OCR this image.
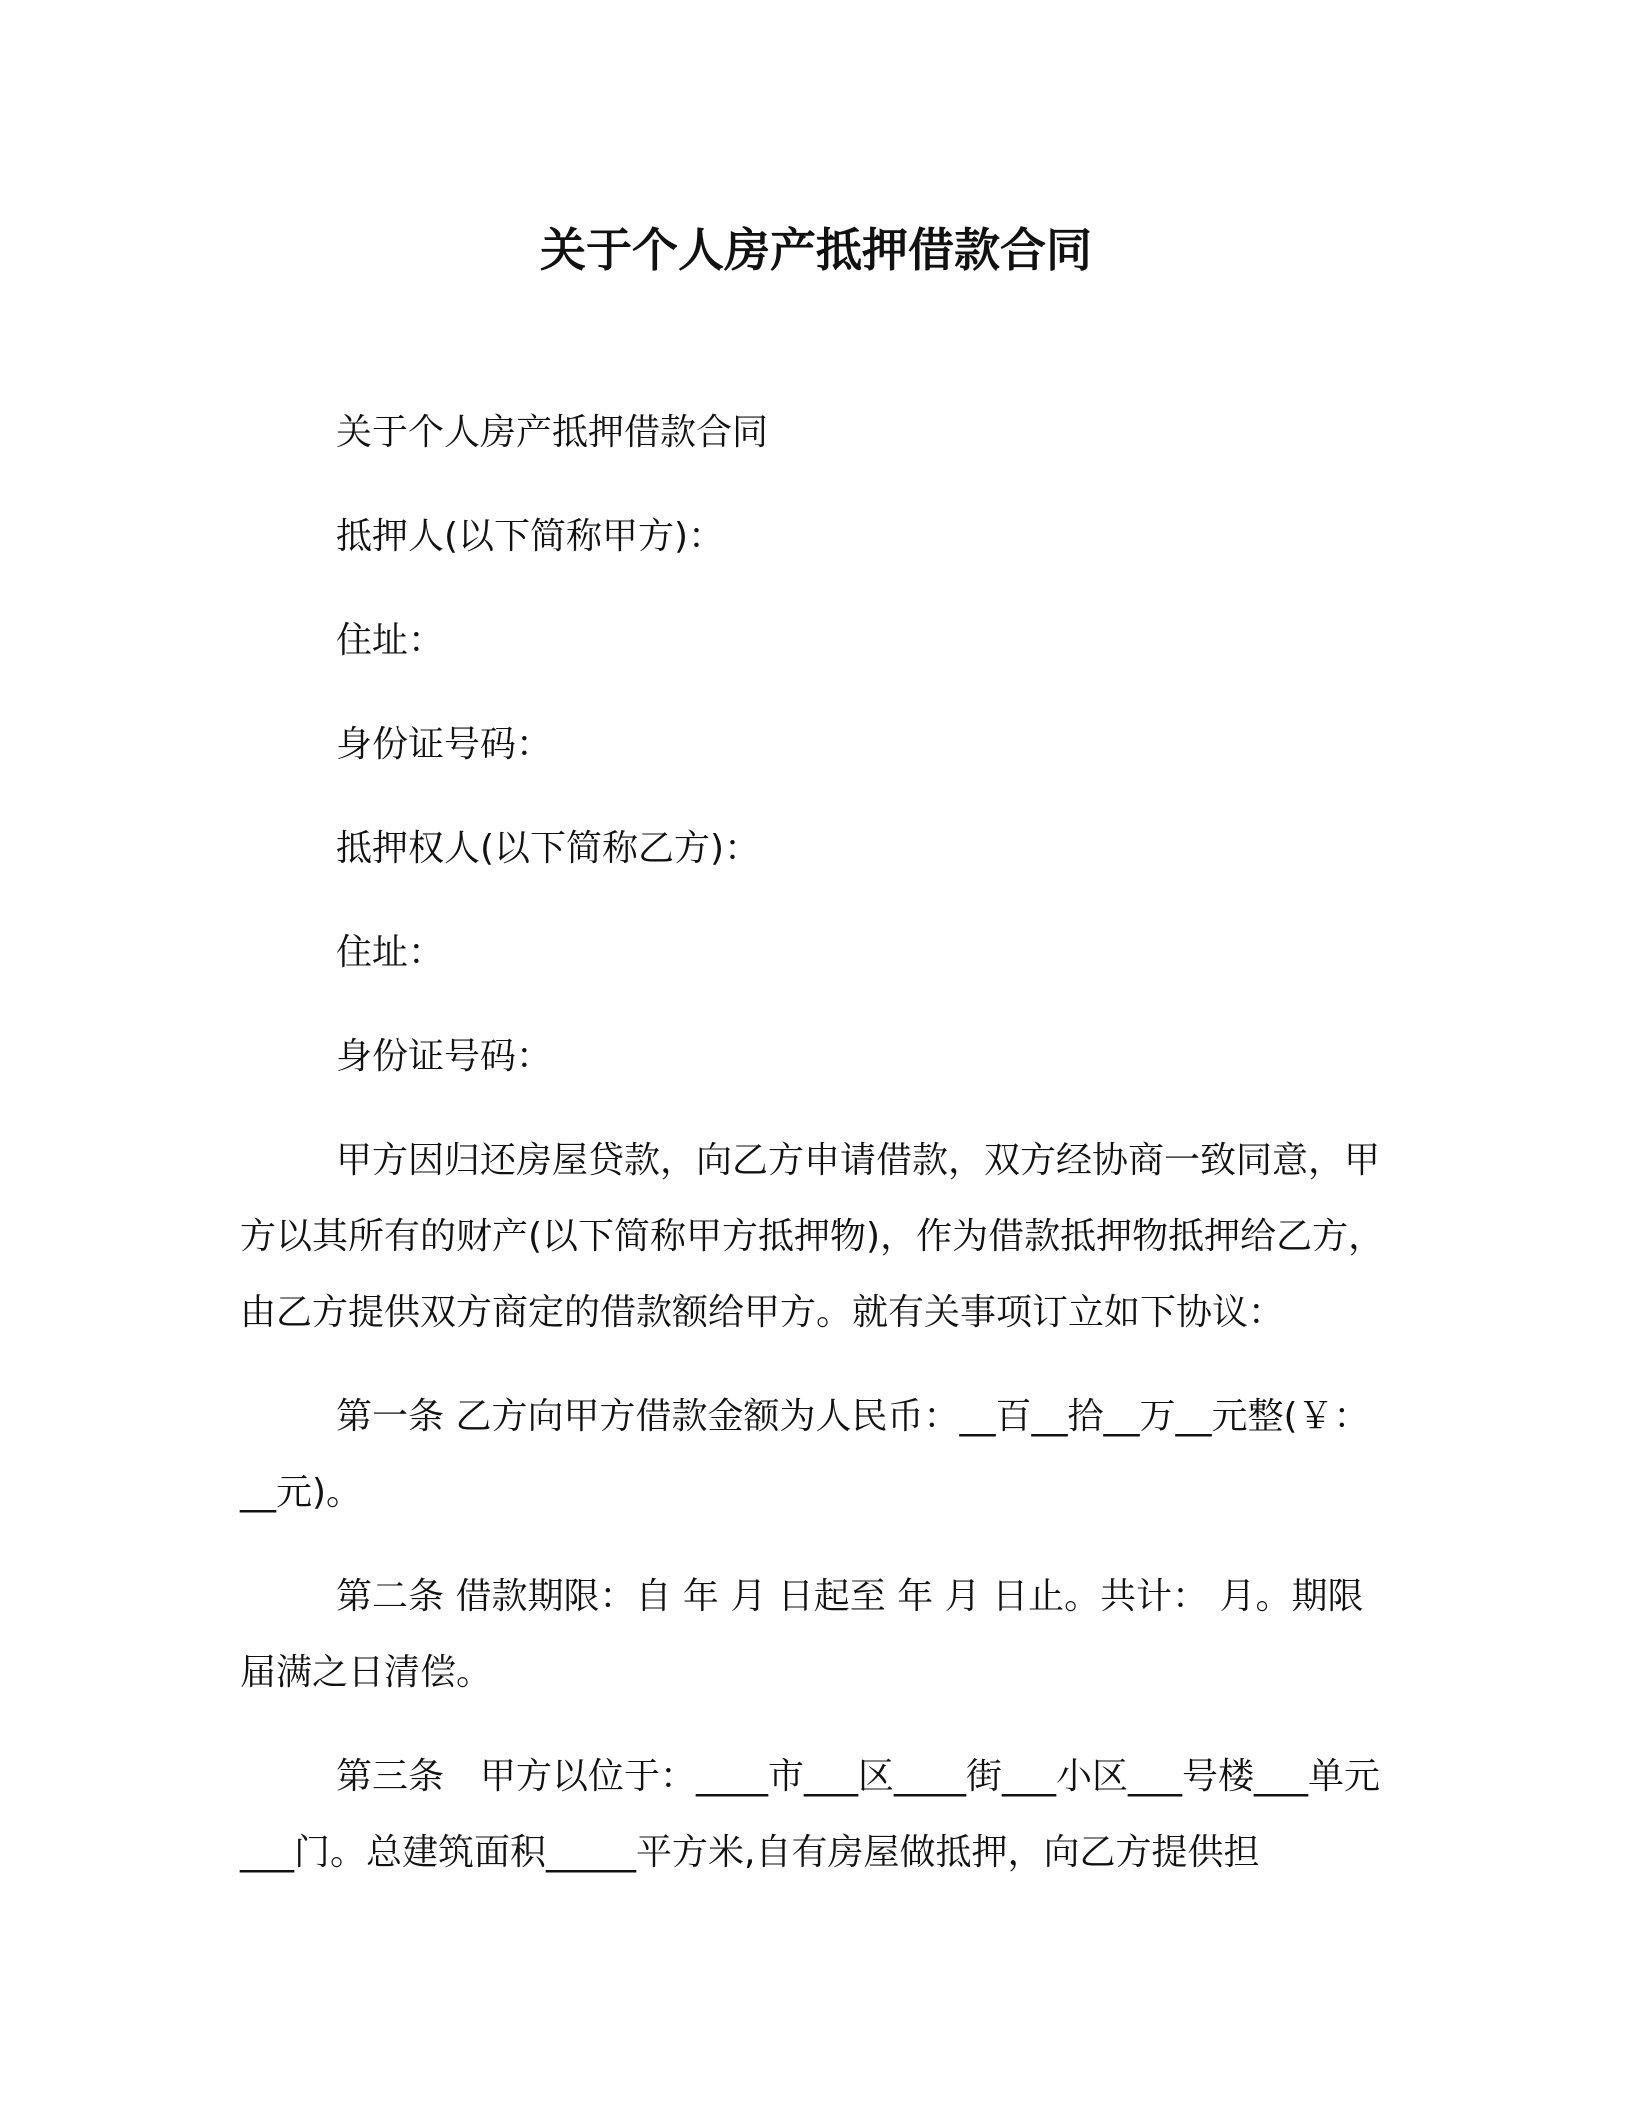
关于个人房产抵押借款合同

关于个人房产抵押借款合同

抵押人(以下简称甲方)：

住址：

身份证号码：

抵押权人(以下简称乙方)：

住址：

身份证号码：

甲方因归还房屋贷款，向乙方申请借款，双方经协商一致同意，甲方以其所有的财产(以下简称甲方抵押物)，作为借款抵押物抵押给乙方，由乙方提供双方商定的借款额给甲方。就有关事项订立如下协议：

第一条 乙方向甲方借款金额为人民币：__百__拾__万__元整(￥：__元)。

第二条 借款期限：自 年 月 日起至 年 月 日止。共计： 月。期限届满之日清偿。

第三条　甲方以位于：____市___区____街___小区___号楼___单元___门。总建筑面积_____平方米,自有房屋做抵押，向乙方提供担
